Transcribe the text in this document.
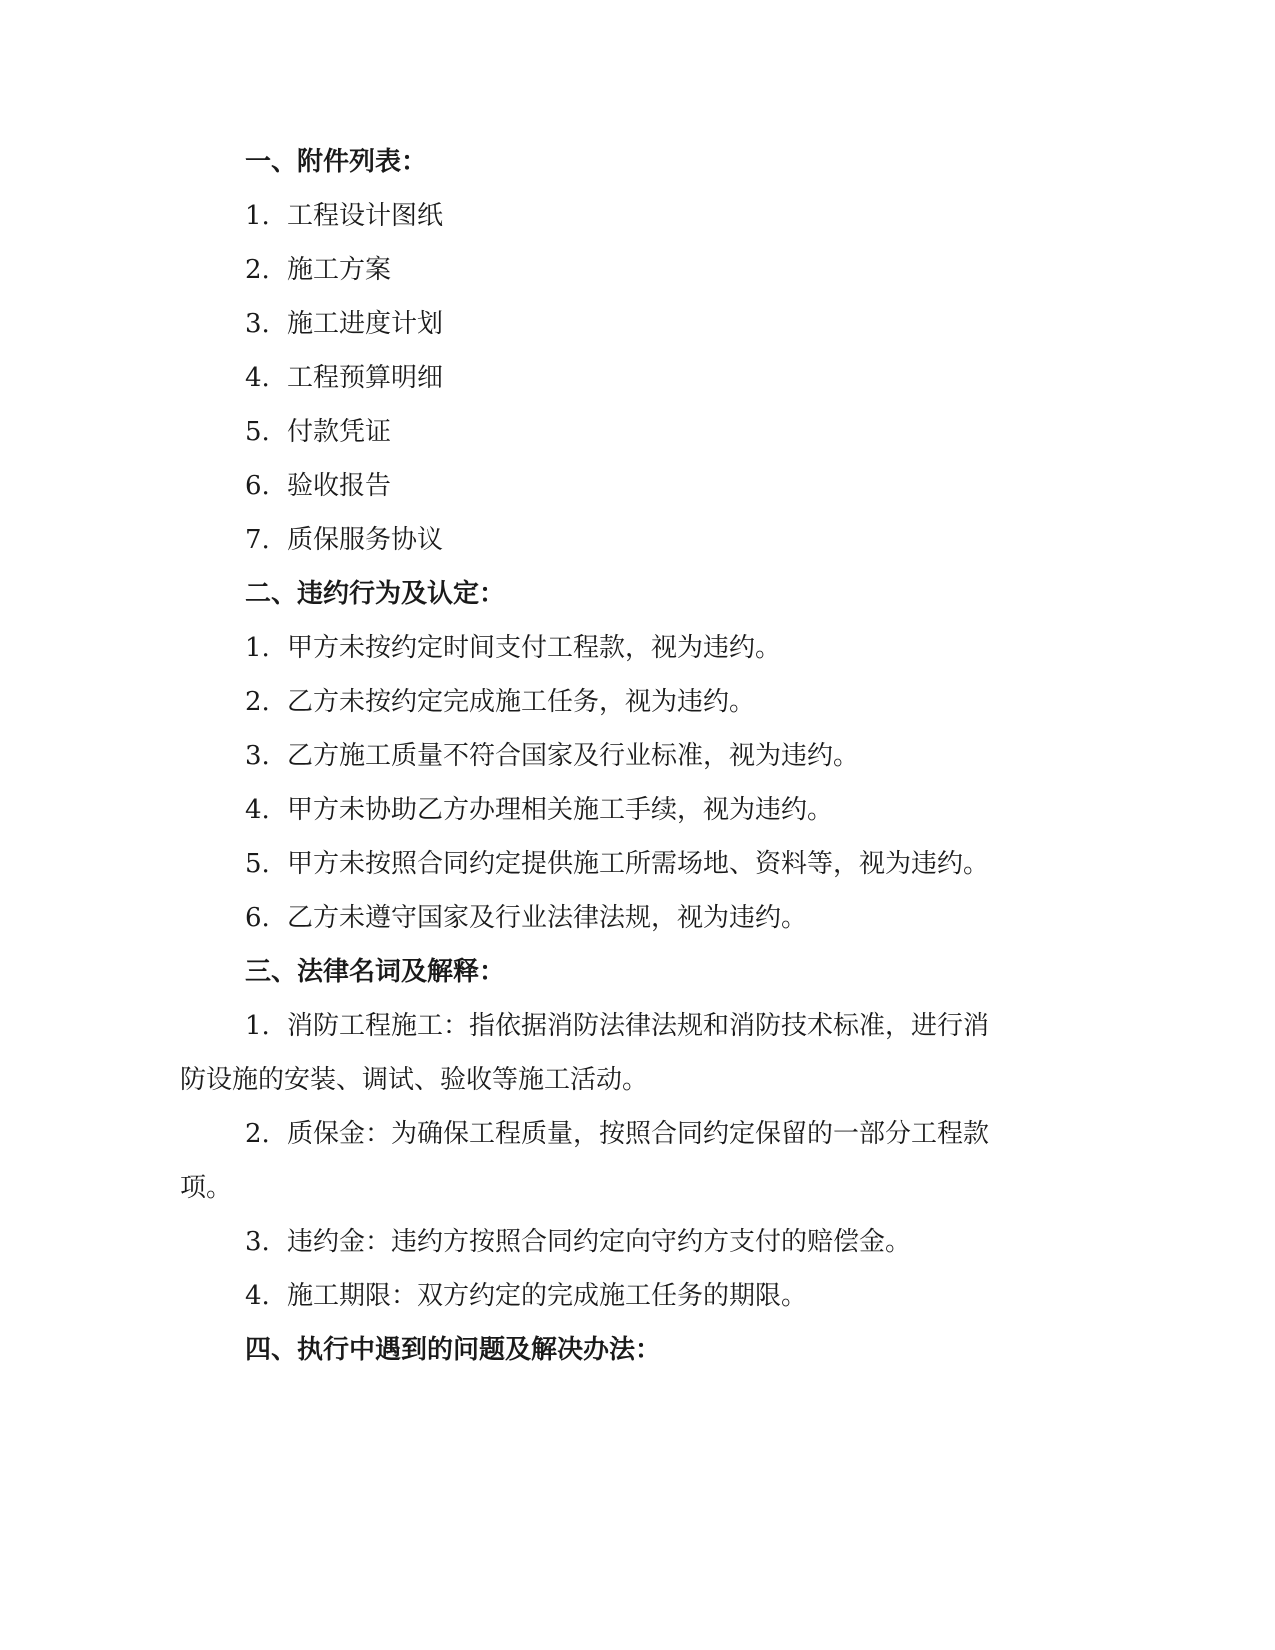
一、附件列表：
1. 工程设计图纸
2. 施工方案
3. 施工进度计划
4. 工程预算明细
5. 付款凭证
6. 验收报告
7. 质保服务协议
二、违约行为及认定：
1. 甲方未按约定时间支付工程款，视为违约。
2. 乙方未按约定完成施工任务，视为违约。
3. 乙方施工质量不符合国家及行业标准，视为违约。
4. 甲方未协助乙方办理相关施工手续，视为违约。
5. 甲方未按照合同约定提供施工所需场地、资料等，视为违约。
6. 乙方未遵守国家及行业法律法规，视为违约。
三、法律名词及解释：
1. 消防工程施工：指依据消防法律法规和消防技术标准，进行消
防设施的安装、调试、验收等施工活动。
2. 质保金：为确保工程质量，按照合同约定保留的一部分工程款
项。
3. 违约金：违约方按照合同约定向守约方支付的赔偿金。
4. 施工期限：双方约定的完成施工任务的期限。
四、执行中遇到的问题及解决办法：
